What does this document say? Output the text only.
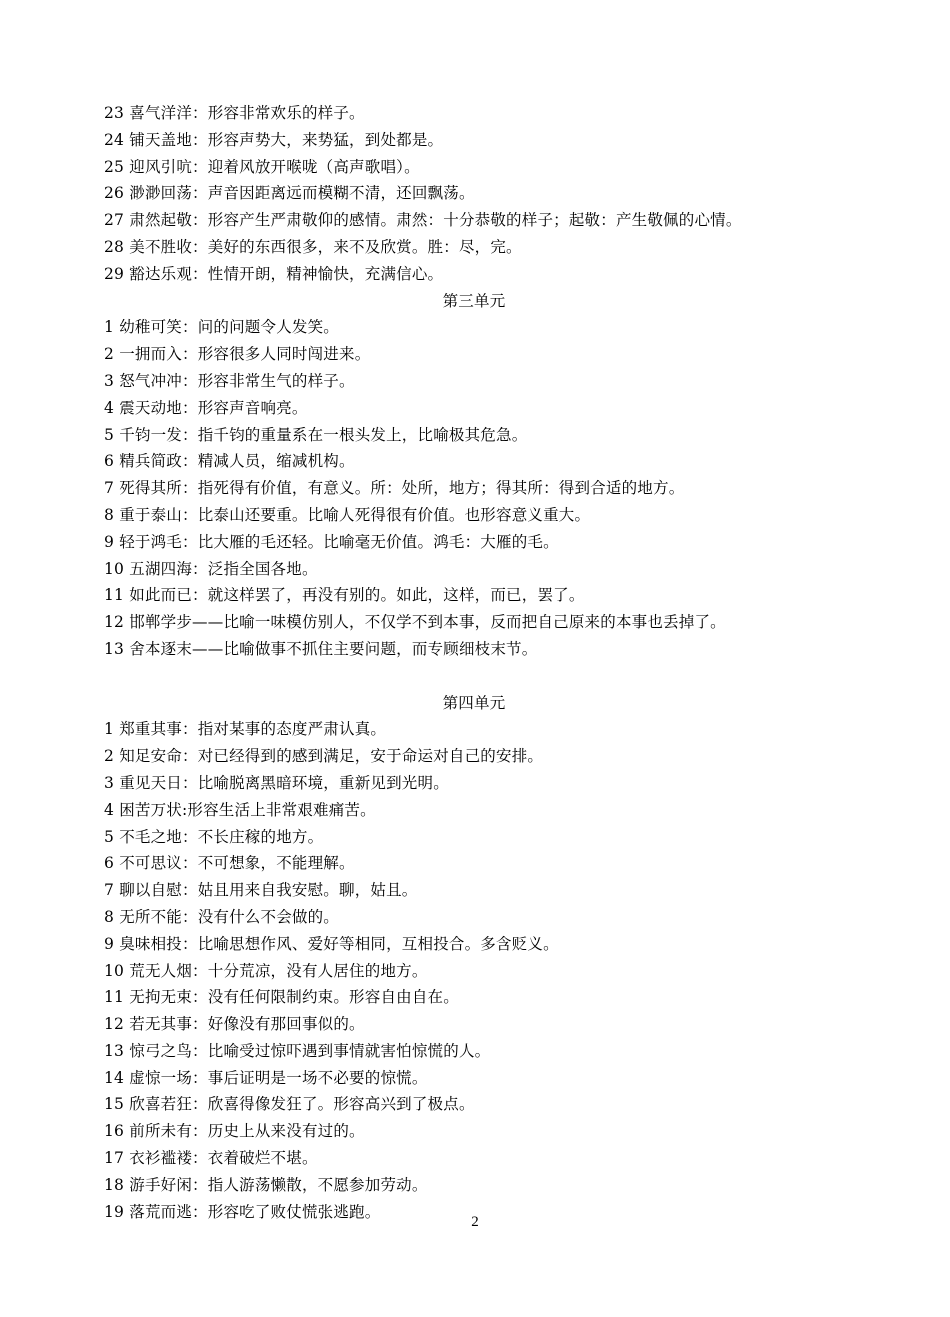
23 喜气洋洋：形容非常欢乐的样子。
24 铺天盖地：形容声势大，来势猛，到处都是。
25 迎风引吭：迎着风放开喉咙（高声歌唱）。
26 渺渺回荡：声音因距离远而模糊不清，还回飘荡。
27 肃然起敬：形容产生严肃敬仰的感情。肃然：十分恭敬的样子；起敬：产生敬佩的心情。
28 美不胜收：美好的东西很多，来不及欣赏。胜：尽，完。
29 豁达乐观：性情开朗，精神愉快，充满信心。
第三单元
1 幼稚可笑：问的问题令人发笑。
2 一拥而入：形容很多人同时闯进来。
3 怒气冲冲：形容非常生气的样子。
4 震天动地：形容声音响亮。
5 千钧一发：指千钧的重量系在一根头发上，比喻极其危急。
6 精兵简政：精减人员，缩减机构。
7 死得其所：指死得有价值，有意义。所：处所，地方；得其所：得到合适的地方。
8 重于泰山：比泰山还要重。比喻人死得很有价值。也形容意义重大。
9 轻于鸿毛：比大雁的毛还轻。比喻毫无价值。鸿毛：大雁的毛。
10 五湖四海：泛指全国各地。
11 如此而已：就这样罢了，再没有别的。如此，这样，而已，罢了。
12 邯郸学步——比喻一味模仿别人，不仅学不到本事，反而把自己原来的本事也丢掉了。
13 舍本逐末——比喻做事不抓住主要问题，而专顾细枝末节。
第四单元
1 郑重其事：指对某事的态度严肃认真。
2 知足安命：对已经得到的感到满足，安于命运对自己的安排。
3 重见天日：比喻脱离黑暗环境，重新见到光明。
4 困苦万状:形容生活上非常艰难痛苦。
5 不毛之地：不长庄稼的地方。
6 不可思议：不可想象，不能理解。
7 聊以自慰：姑且用来自我安慰。聊，姑且。
8 无所不能：没有什么不会做的。
9 臭味相投：比喻思想作风、爱好等相同，互相投合。多含贬义。
10 荒无人烟：十分荒凉，没有人居住的地方。
11 无拘无束：没有任何限制约束。形容自由自在。
12 若无其事：好像没有那回事似的。
13 惊弓之鸟：比喻受过惊吓遇到事情就害怕惊慌的人。
14 虚惊一场：事后证明是一场不必要的惊慌。
15 欣喜若狂：欣喜得像发狂了。形容高兴到了极点。
16 前所未有：历史上从来没有过的。
17 衣衫褴褛：衣着破烂不堪。
18 游手好闲：指人游荡懒散，不愿参加劳动。
19 落荒而逃：形容吃了败仗慌张逃跑。
2
